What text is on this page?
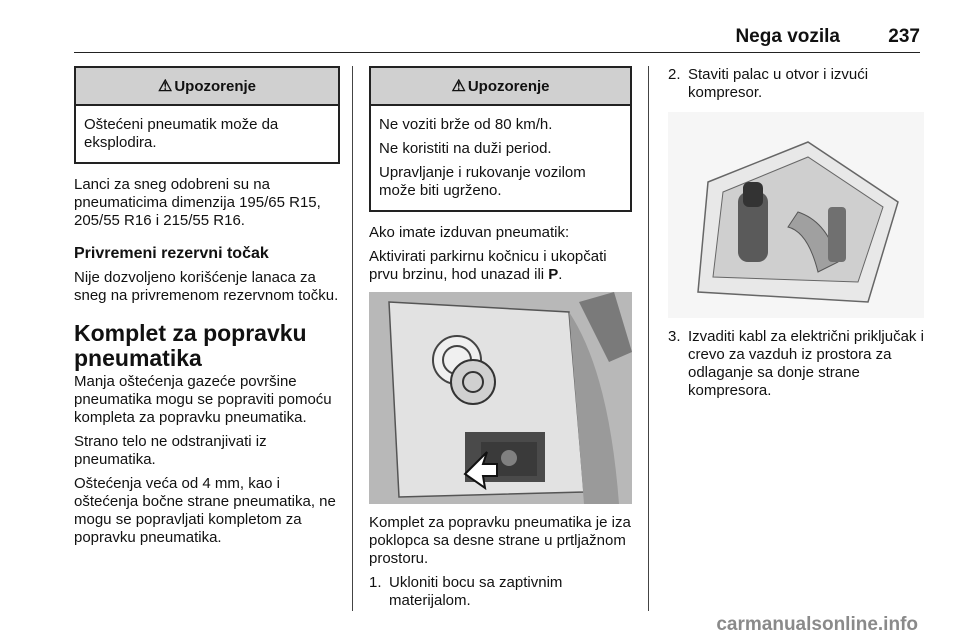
Nega vozila	237
⚠ Upozorenje

Oštećeni pneumatik može da eksplodira.

Lanci za sneg odobreni su na pneumaticima dimenzija 195/65 R15, 205/55 R16 i 215/55 R16.

Privremeni rezervni točak

Nije dozvoljeno korišćenje lanaca za sneg na privremenom rezervnom točku.

Komplet za popravku pneumatika

Manja oštećenja gazeće površine pneumatika mogu se popraviti pomoću kompleta za popravku pneumatika.

Strano telo ne odstranjivati iz pneumatika.

Oštećenja veća od 4 mm, kao i oštećenja bočne strane pneumatika, ne mogu se popravljati kompletom za popravku pneumatika.

⚠ Upozorenje

Ne voziti brže od 80 km/h.

Ne koristiti na duži period.

Upravljanje i rukovanje vozilom može biti ugrženo.

Ako imate izduvan pneumatik:

Aktivirati parkirnu kočnicu i ukopčati prvu brzinu, hod unazad ili P.

Komplet za popravku pneumatika je iza poklopca sa desne strane u prtljažnom prostoru.

1. Ukloniti bocu sa zaptivnim materijalom.
2. Staviti palac u otvor i izvući kompresor.
3. Izvaditi kabl za električni priključak i crevo za vazduh iz prostora za odlaganje sa donje strane kompresora.
carmanualsonline.info
